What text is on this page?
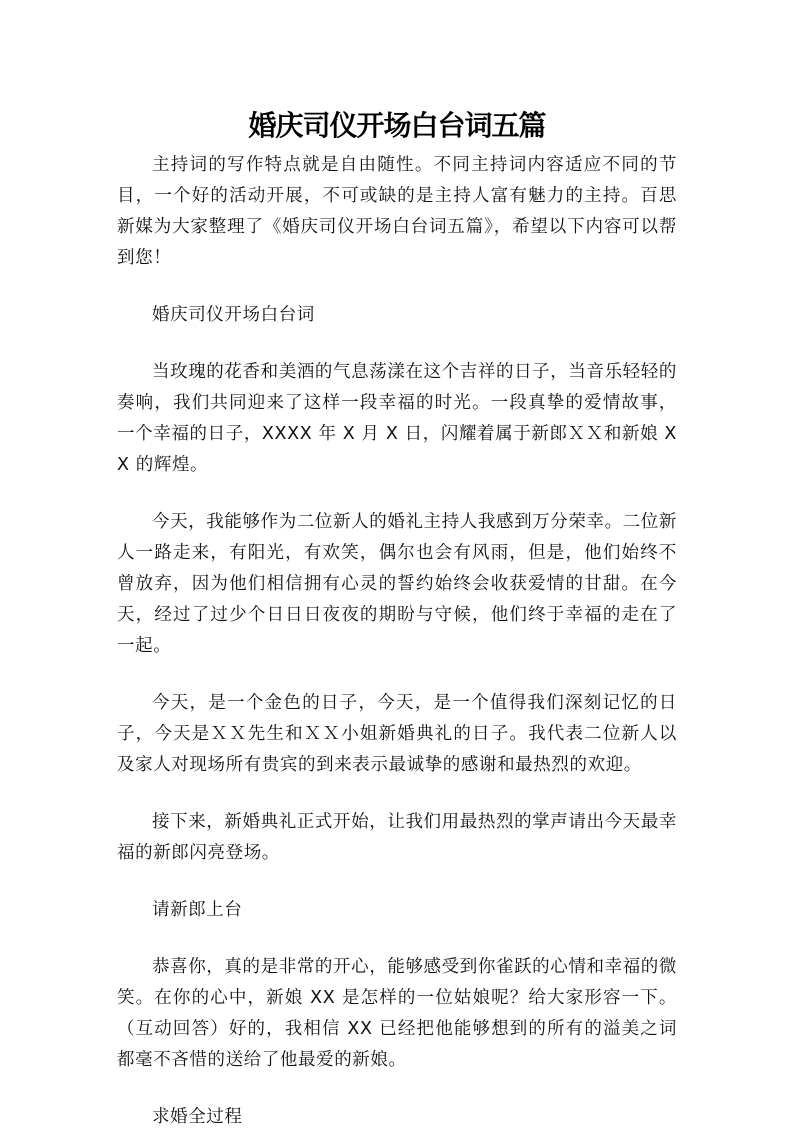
婚庆司仪开场白台词五篇

主持词的写作特点就是自由随性。不同主持词内容适应不同的节目，一个好的活动开展，不可或缺的是主持人富有魅力的主持。百思新媒为大家整理了《婚庆司仪开场白台词五篇》，希望以下内容可以帮到您！

婚庆司仪开场白台词

当玫瑰的花香和美酒的气息荡漾在这个吉祥的日子，当音乐轻轻的奏响，我们共同迎来了这样一段幸福的时光。一段真挚的爱情故事，一个幸福的日子，XXXX 年 X 月 X 日，闪耀着属于新郎ＸＸ和新娘 XX 的辉煌。

今天，我能够作为二位新人的婚礼主持人我感到万分荣幸。二位新人一路走来，有阳光，有欢笑，偶尔也会有风雨，但是，他们始终不曾放弃，因为他们相信拥有心灵的誓约始终会收获爱情的甘甜。在今天，经过了过少个日日日夜夜的期盼与守候，他们终于幸福的走在了一起。

今天，是一个金色的日子，今天，是一个值得我们深刻记忆的日子，今天是ＸＸ先生和ＸＸ小姐新婚典礼的日子。我代表二位新人以及家人对现场所有贵宾的到来表示最诚挚的感谢和最热烈的欢迎。

接下来，新婚典礼正式开始，让我们用最热烈的掌声请出今天最幸福的新郎闪亮登场。

请新郎上台

恭喜你，真的是非常的开心，能够感受到你雀跃的心情和幸福的微笑。在你的心中，新娘 XX 是怎样的一位姑娘呢？给大家形容一下。（互动回答）好的，我相信 XX 已经把他能够想到的所有的溢美之词都毫不吝惜的送给了他最爱的新娘。

求婚全过程
